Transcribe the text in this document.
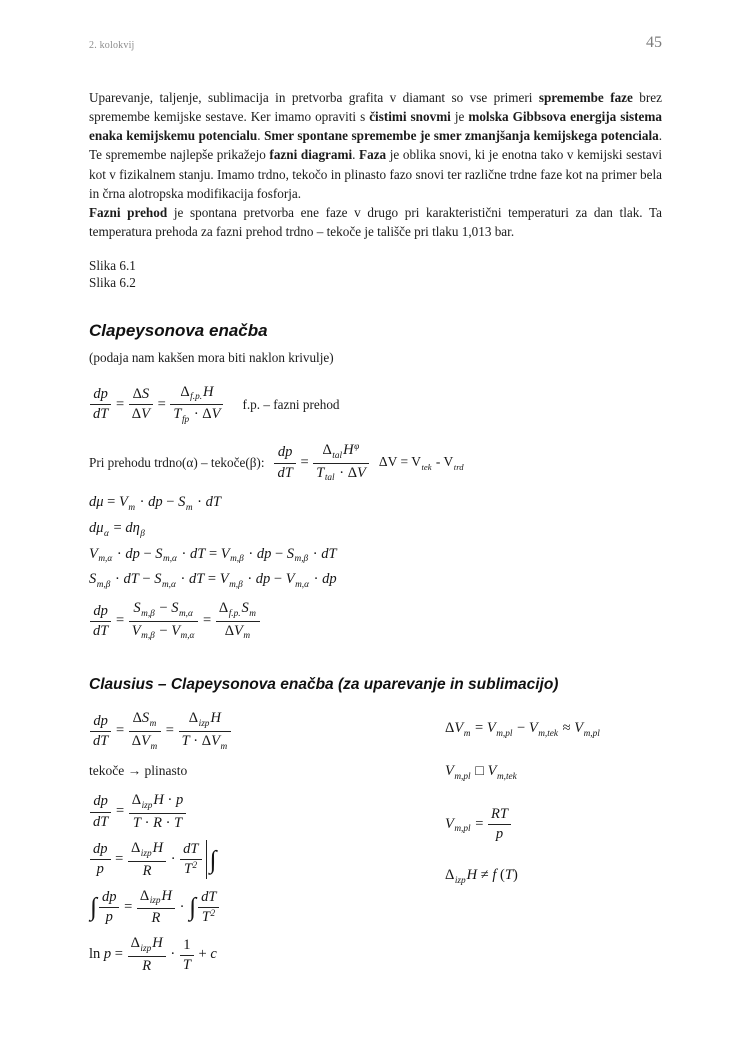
2. kolokvij	45

Uparevanje, taljenje, sublimacija in pretvorba grafita v diamant so vse primeri spremembe faze brez spremembe kemijske sestave. Ker imamo opraviti s čistimi snovmi je molska Gibbsova energija sistema enaka kemijskemu potencialu. Smer spontane spremembe je smer zmanjšanja kemijskega potenciala. Te spremembe najlepše prikažejo fazni diagrami. Faza je oblika snovi, ki je enotna tako v kemijski sestavi kot v fizikalnem stanju. Imamo trdno, tekočo in plinasto fazo snovi ter različne trdne faze kot na primer bela in črna alotropska modifikacija fosforja.

Fazni prehod je spontana pretvorba ene faze v drugo pri karakteristični temperaturi za dan tlak. Ta temperatura prehoda za fazni prehod trdno – tekoče je tališče pri tlaku 1,013 bar.

Slika 6.1
Slika 6.2
Clapeysonova enačba

(podaja nam kakšen mora biti naklon krivulje)

$\frac{dp}{dT} = \frac{\Delta S}{\Delta V} = \frac{\Delta_{f.p.}H}{T_{fp} \cdot \Delta V} f.p$. – fazni prehod
Pri prehodu trdno(α) – tekoče(β): $\frac{dp}{dT} = \frac{\Delta_{tal}H^\varphi}{T_{tal} \cdot \Delta V}$ $\Delta V = V_{tek} - V_{trd}$
$d\mu = V_m$ · dp − $S_m$ · dT
$d\mu_\alpha = d\eta_\beta$
$V_{m,\alpha}$ · dp − $S_{m,\alpha}$ · dT = $V_{m,\beta}$ · dp − $S_{m,\beta}$ · dT
$S_{m,\beta}$ · dT − $S_{m,\alpha}$ · dT = $V_{m,\beta}$ · dp − $V_{m,\alpha}$ · dp
$\frac{dp}{dT} = \frac{S_{m,\beta} - S_{m,\alpha}}{V_{m,\beta} - V_{m,\alpha}} = \frac{\Delta_{f.p.}S_m}{\Delta V_m}$
Clausius – Clapeysonova enačba (za uparevanje in sublimacijo)
$\frac{dp}{dT} = \frac{\Delta S_m}{\Delta V_m} = \frac{\Delta_{izp}H}{T \cdot \Delta V_m}$

tekoče → plinasto

$\frac{dp}{dT} = \frac{\Delta_{izp}H \cdot p}{T \cdot R \cdot T}$
$\frac{dp}{p} = \frac{\Delta_{izp}H}{R} \cdot \frac{dT}{T^2}$ ∫
∫ $\frac{dp}{p} = \frac{\Delta_{izp}H}{R}$ · ∫ $\frac{dT}{T^2}$
$\ln p = \frac{\Delta_{izp}H}{R} \cdot \frac{1}{T} + c$
$\Delta V_m = V_{m,pl} - V_{m,tek} \approx V_{m,pl}$
$V_{m,pl}$ □ $V_{m,tek}$
$V_{m,pl} = \frac{RT}{p}$
$\Delta_{izp}H \ne f$ (T)
